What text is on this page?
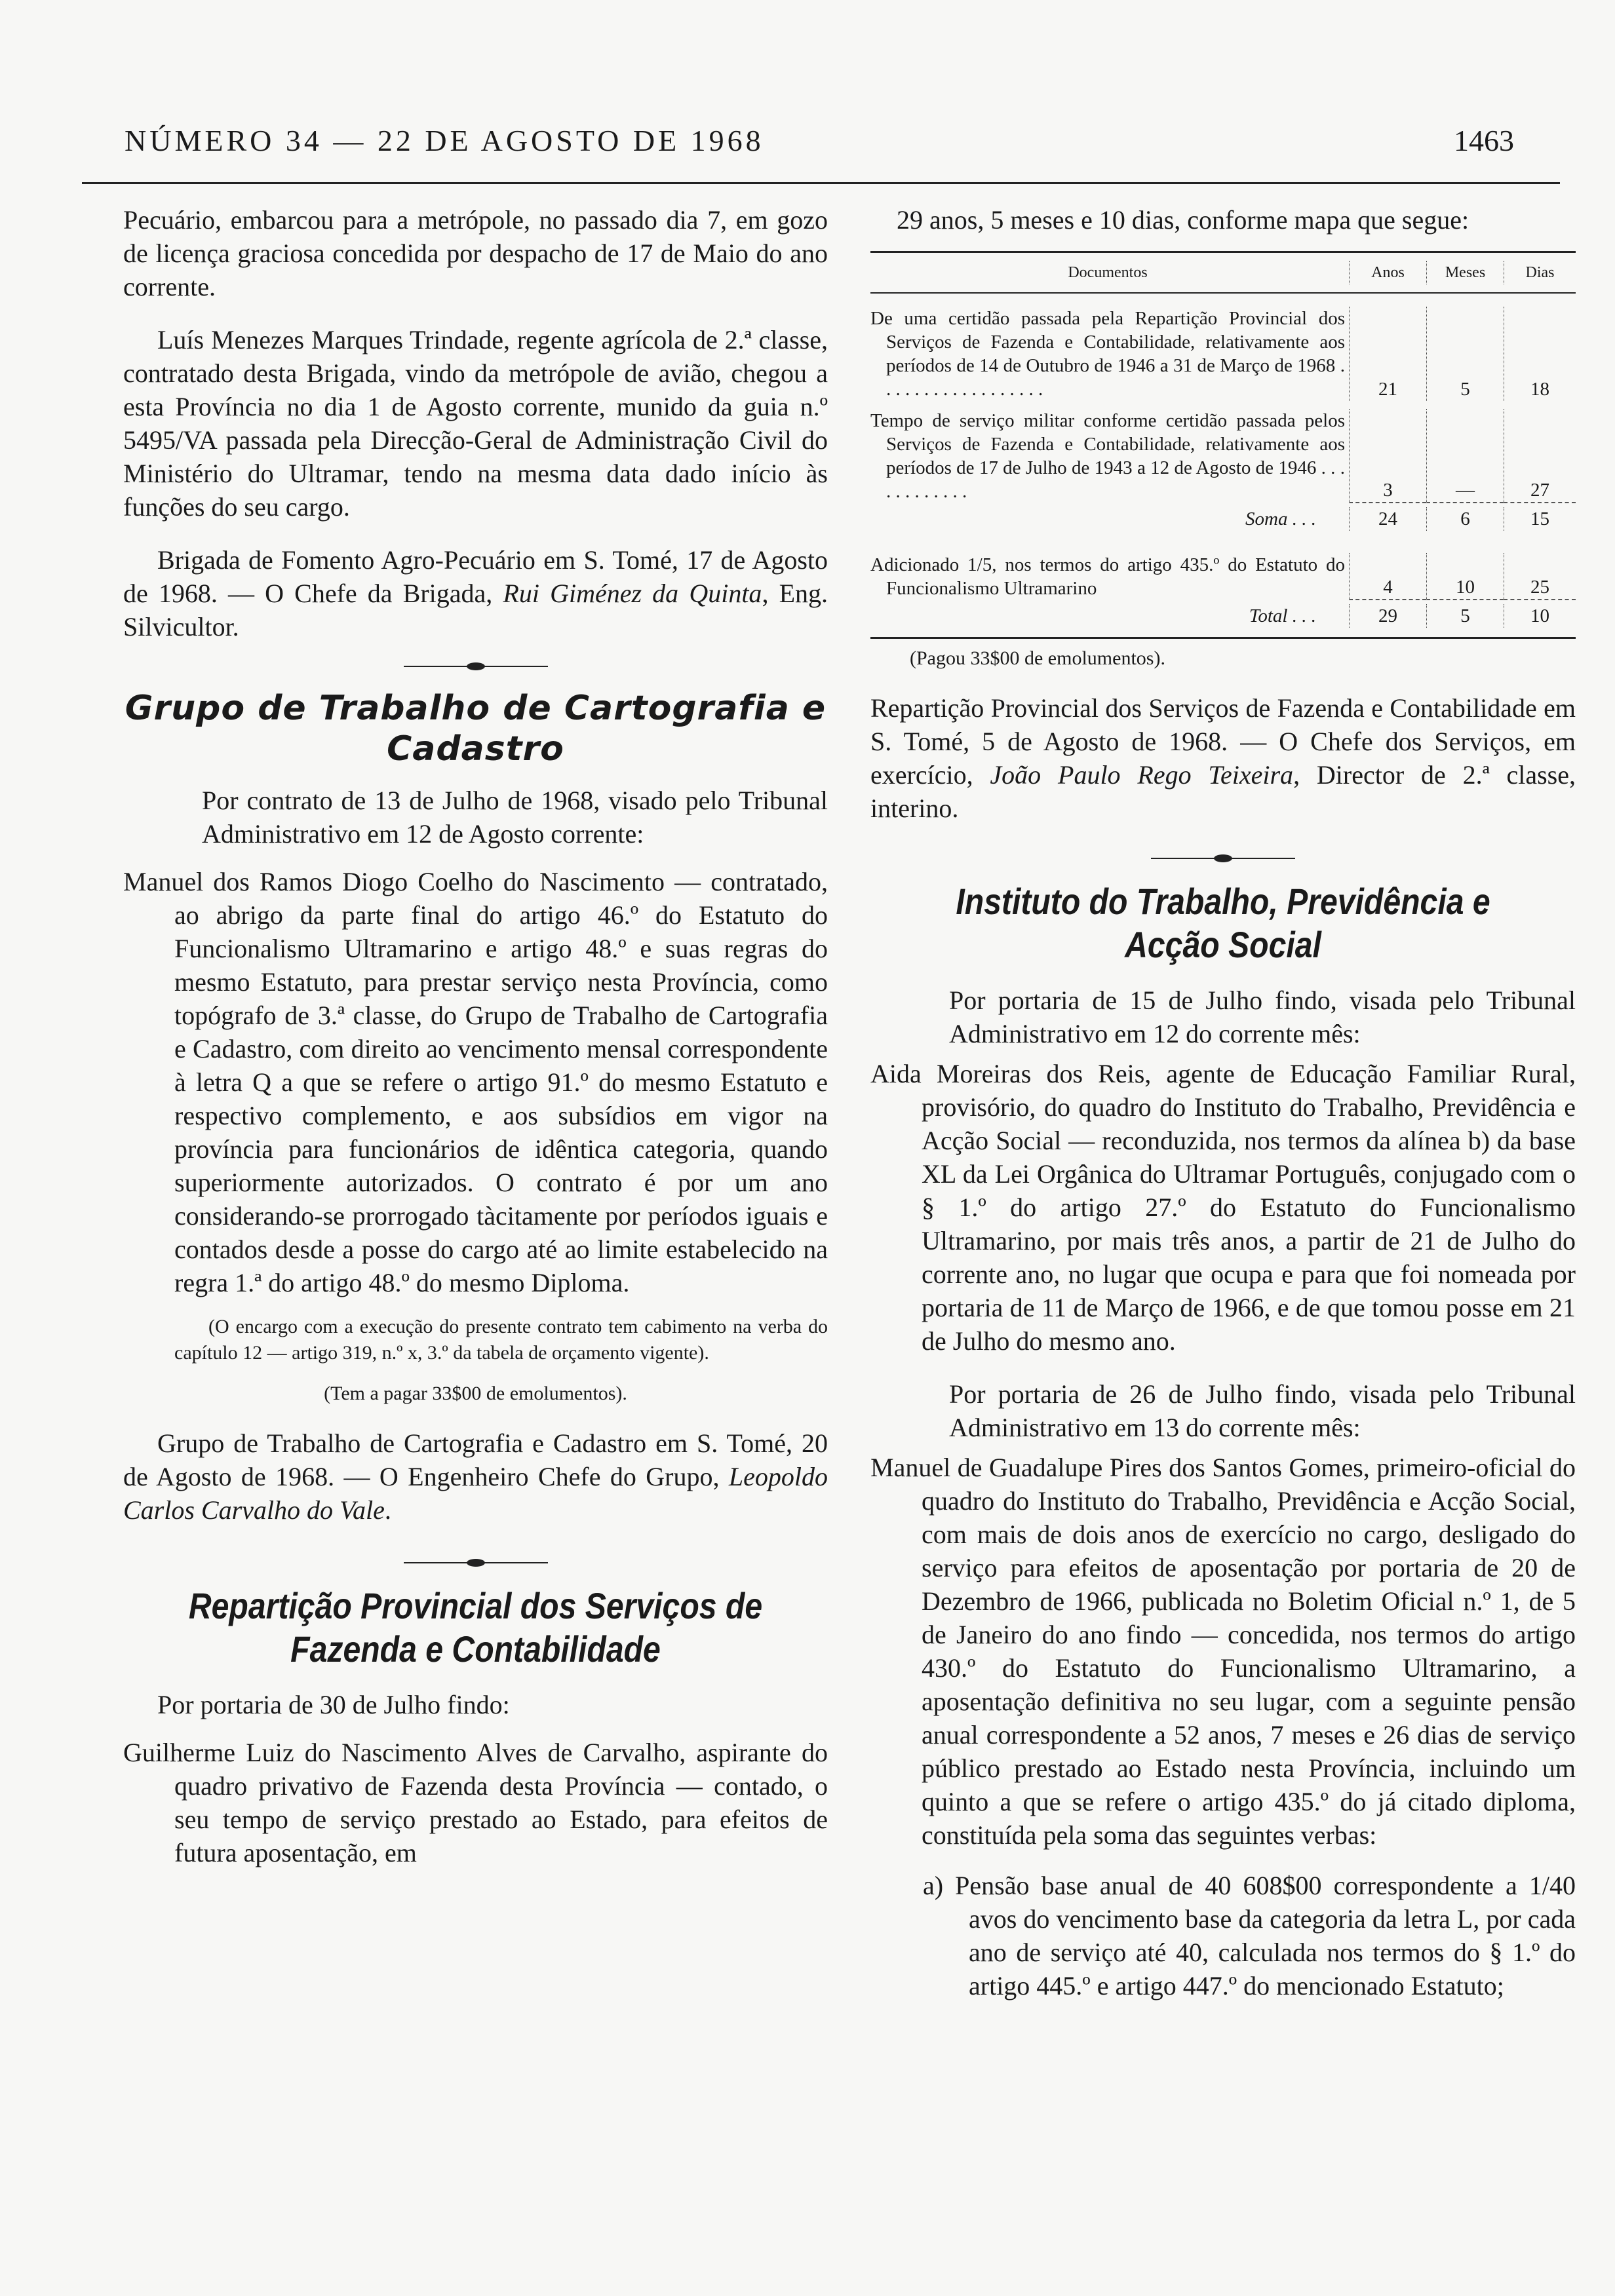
NÚMERO 34 — 22 DE AGOSTO DE 1968	1463

Pecuário, embarcou para a metrópole, no passado dia 7, em gozo de licença graciosa concedida por despacho de 17 de Maio do ano corrente.

Luís Menezes Marques Trindade, regente agrícola de 2.ª classe, contratado desta Brigada, vindo da metrópole de avião, chegou a esta Província no dia 1 de Agosto corrente, munido da guia n.º 5495/VA passada pela Direcção-Geral de Administração Civil do Ministério do Ultramar, tendo na mesma data dado início às funções do seu cargo.

Brigada de Fomento Agro-Pecuário em S. Tomé, 17 de Agosto de 1968. — O Chefe da Brigada, Rui Giménez da Quinta, Eng. Silvicultor.

Grupo de Trabalho de Cartografia e Cadastro

Por contrato de 13 de Julho de 1968, visado pelo Tribunal Administrativo em 12 de Agosto corrente:

Manuel dos Ramos Diogo Coelho do Nascimento — contratado, ao abrigo da parte final do artigo 46.º do Estatuto do Funcionalismo Ultramarino e artigo 48.º e suas regras do mesmo Estatuto, para prestar serviço nesta Província, como topógrafo de 3.ª classe, do Grupo de Trabalho de Cartografia e Cadastro, com direito ao vencimento mensal correspondente à letra Q a que se refere o artigo 91.º do mesmo Estatuto e respectivo complemento, e aos subsídios em vigor na província para funcionários de idêntica categoria, quando superiormente autorizados. O contrato é por um ano considerando-se prorrogado tàcitamente por períodos iguais e contados desde a posse do cargo até ao limite estabelecido na regra 1.ª do artigo 48.º do mesmo Diploma.

(O encargo com a execução do presente contrato tem cabimento na verba do capítulo 12 — artigo 319, n.º x, 3.º da tabela de orçamento vigente).

(Tem a pagar 33$00 de emolumentos).

Grupo de Trabalho de Cartografia e Cadastro em S. Tomé, 20 de Agosto de 1968. — O Engenheiro Chefe do Grupo, Leopoldo Carlos Carvalho do Vale.

Repartição Provincial dos Serviços de Fazenda e Contabilidade

Por portaria de 30 de Julho findo:

Guilherme Luiz do Nascimento Alves de Carvalho, aspirante do quadro privativo de Fazenda desta Província — contado, o seu tempo de serviço prestado ao Estado, para efeitos de futura aposentação, em

29 anos, 5 meses e 10 dias, conforme mapa que segue:

Documentos	Anos	Meses	Dias
De uma certidão passada pela Repartição Provincial dos Serviços de Fazenda e Contabilidade, relativamente aos períodos de 14 de Outubro de 1946 a 31 de Março de 1968 . . . . . . . . . . . . . . . . . .	21	5	18
Tempo de serviço militar conforme certidão passada pelos Serviços de Fazenda e Contabilidade, relativamente aos períodos de 17 de Julho de 1943 a 12 de Agosto de 1946 . . . . . . . . . . . .	3	—	27
Soma . . .	24	6	15
Adicionado 1/5, nos termos do artigo 435.º do Estatuto do Funcionalismo Ultramarino	4	10	25
Total . . .	29	5	10

(Pagou 33$00 de emolumentos).

Repartição Provincial dos Serviços de Fazenda e Contabilidade em S. Tomé, 5 de Agosto de 1968. — O Chefe dos Serviços, em exercício, João Paulo Rego Teixeira, Director de 2.ª classe, interino.

Instituto do Trabalho, Previdência e Acção Social

Por portaria de 15 de Julho findo, visada pelo Tribunal Administrativo em 12 do corrente mês:

Aida Moreiras dos Reis, agente de Educação Familiar Rural, provisório, do quadro do Instituto do Trabalho, Previdência e Acção Social — reconduzida, nos termos da alínea b) da base XL da Lei Orgânica do Ultramar Português, conjugado com o § 1.º do artigo 27.º do Estatuto do Funcionalismo Ultramarino, por mais três anos, a partir de 21 de Julho do corrente ano, no lugar que ocupa e para que foi nomeada por portaria de 11 de Março de 1966, e de que tomou posse em 21 de Julho do mesmo ano.

Por portaria de 26 de Julho findo, visada pelo Tribunal Administrativo em 13 do corrente mês:

Manuel de Guadalupe Pires dos Santos Gomes, primeiro-oficial do quadro do Instituto do Trabalho, Previdência e Acção Social, com mais de dois anos de exercício no cargo, desligado do serviço para efeitos de aposentação por portaria de 20 de Dezembro de 1966, publicada no Boletim Oficial n.º 1, de 5 de Janeiro do ano findo — concedida, nos termos do artigo 430.º do Estatuto do Funcionalismo Ultramarino, a aposentação definitiva no seu lugar, com a seguinte pensão anual correspondente a 52 anos, 7 meses e 26 dias de serviço público prestado ao Estado nesta Província, incluindo um quinto a que se refere o artigo 435.º do já citado diploma, constituída pela soma das seguintes verbas:

a) Pensão base anual de 40 608$00 correspondente a 1/40 avos do vencimento base da categoria da letra L, por cada ano de serviço até 40, calculada nos termos do § 1.º do artigo 445.º e artigo 447.º do mencionado Estatuto;
